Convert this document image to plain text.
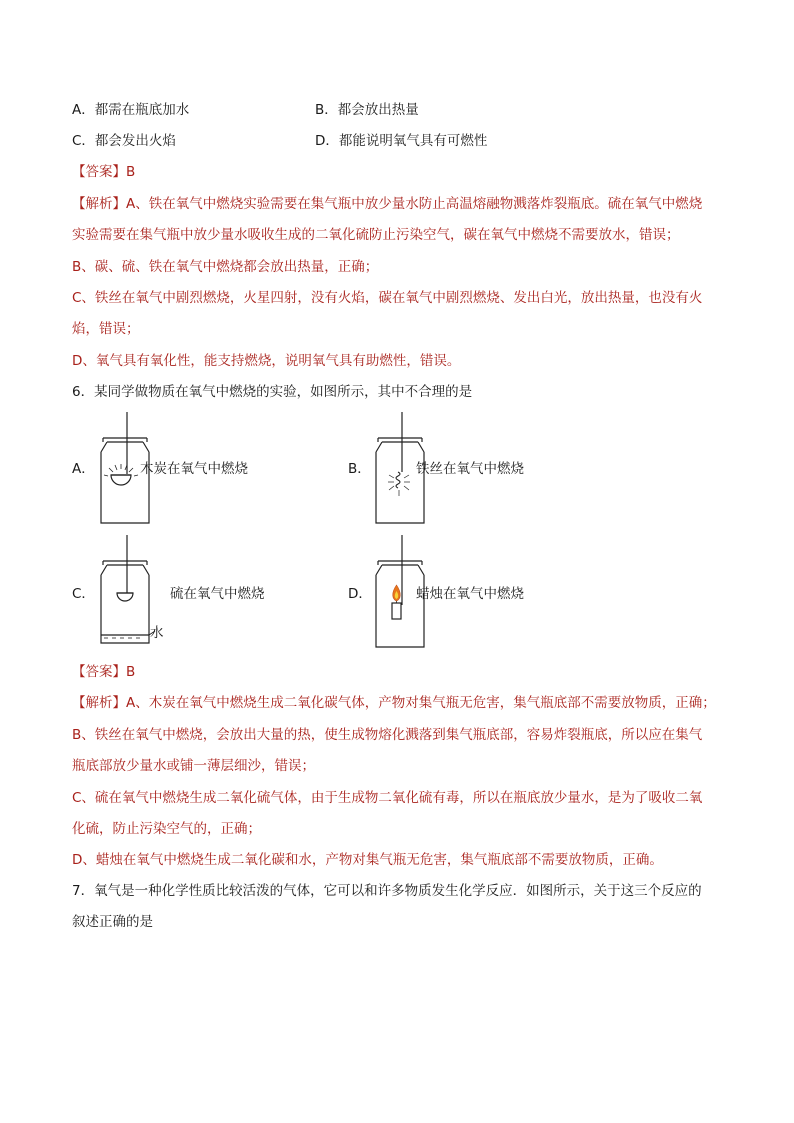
A．都需在瓶底加水	B．都会放出热量
C．都会发出火焰	D．都能说明氧气具有可燃性
【答案】B
【解析】A、铁在氧气中燃烧实验需要在集气瓶中放少量水防止高温熔融物溅落炸裂瓶底。硫在氧气中燃烧
实验需要在集气瓶中放少量水吸收生成的二氧化硫防止污染空气，碳在氧气中燃烧不需要放水，错误；
B、碳、硫、铁在氧气中燃烧都会放出热量，正确；
C、铁丝在氧气中剧烈燃烧，火星四射，没有火焰，碳在氧气中剧烈燃烧、发出白光，放出热量，也没有火
焰，错误；
D、氧气具有氧化性，能支持燃烧，说明氧气具有助燃性，错误。
6．某同学做物质在氧气中燃烧的实验，如图所示，其中不合理的是
A．	木炭在氧气中燃烧	B．	铁丝在氧气中燃烧
C．
水
硫在氧气中燃烧	D．	蜡烛在氧气中燃烧
【答案】B
【解析】A、木炭在氧气中燃烧生成二氧化碳气体，产物对集气瓶无危害，集气瓶底部不需要放物质，正确；
B、铁丝在氧气中燃烧，会放出大量的热，使生成物熔化溅落到集气瓶底部，容易炸裂瓶底，所以应在集气
瓶底部放少量水或铺一薄层细沙，错误；
C、硫在氧气中燃烧生成二氧化硫气体，由于生成物二氧化硫有毒，所以在瓶底放少量水，是为了吸收二氧
化硫，防止污染空气的，正确；
D、蜡烛在氧气中燃烧生成二氧化碳和水，产物对集气瓶无危害，集气瓶底部不需要放物质，正确。
7．氧气是一种化学性质比较活泼的气体，它可以和许多物质发生化学反应．如图所示，关于这三个反应的
叙述正确的是
